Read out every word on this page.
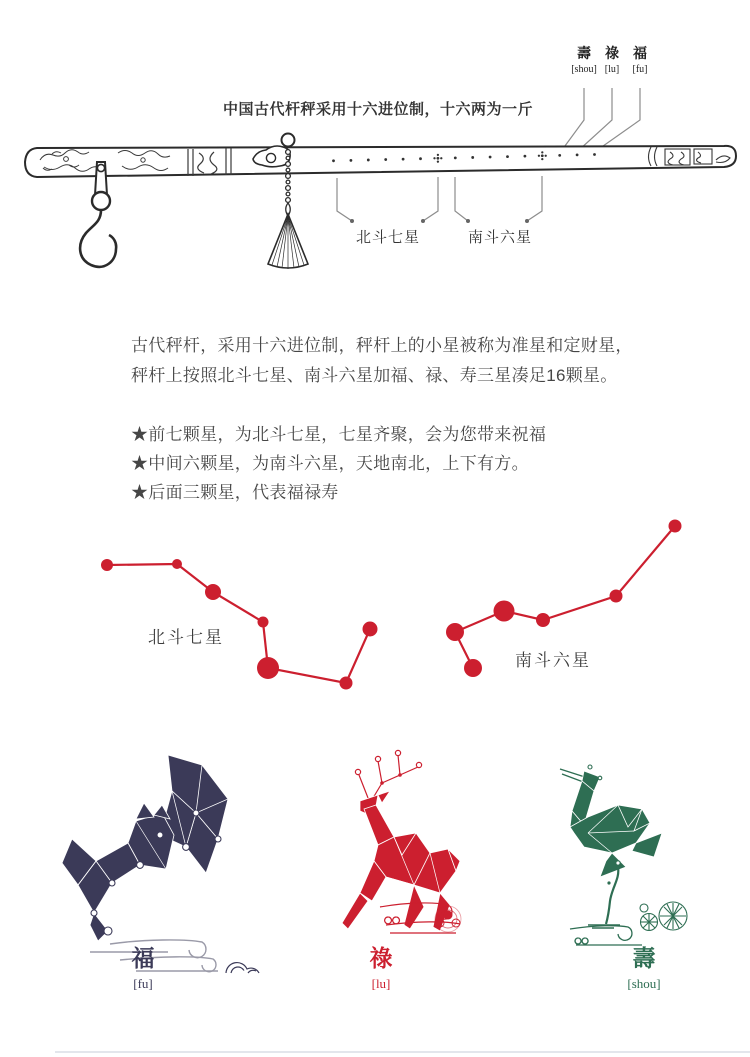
壽
[shou]
祿
[lu]
福
[fu]
中国古代杆秤采用十六进位制，十六两为一斤
北斗七星	南斗六星
古代秤杆，采用十六进位制，秤杆上的小星被称为准星和定财星，秤杆上按照北斗七星、南斗六星加福、禄、寿三星凑足16颗星。
★前七颗星，为北斗七星，七星齐聚，会为您带来祝福
★中间六颗星，为南斗六星，天地南北，上下有方。
★后面三颗星，代表福禄寿
北斗七星
南斗六星
福
[fu]
祿
[lu]
壽
[shou]
